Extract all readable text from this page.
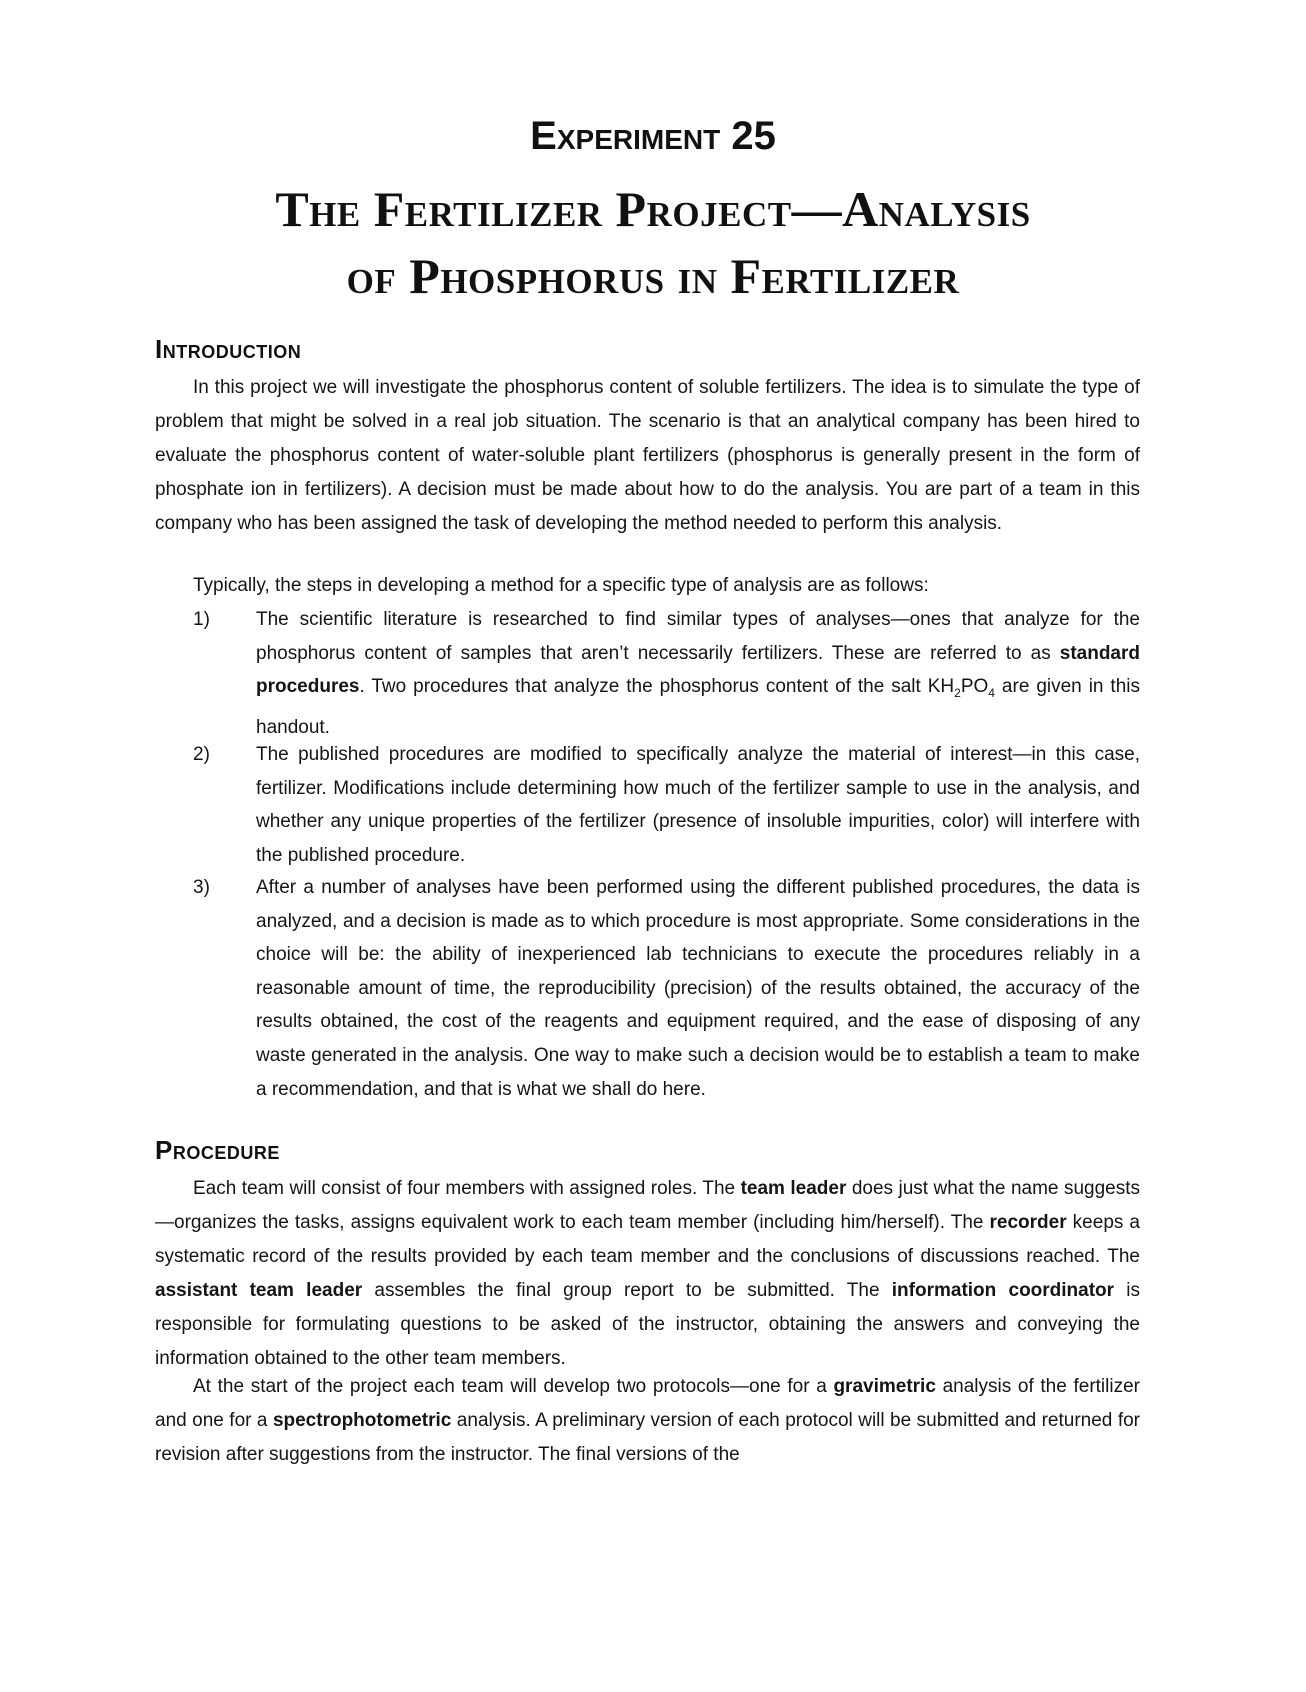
Experiment 25
The Fertilizer Project—Analysis
of Phosphorus in Fertilizer
Introduction

In this project we will investigate the phosphorus content of soluble fertilizers. The idea is to simulate the type of problem that might be solved in a real job situation. The scenario is that an analytical company has been hired to evaluate the phosphorus content of water-soluble plant fertilizers (phosphorus is generally present in the form of phosphate ion in fertilizers). A decision must be made about how to do the analysis. You are part of a team in this company who has been assigned the task of developing the method needed to perform this analysis.

Typically, the steps in developing a method for a specific type of analysis are as follows:

1) The scientific literature is researched to find similar types of analyses—ones that analyze for the phosphorus content of samples that aren’t necessarily fertilizers. These are referred to as standard procedures. Two procedures that analyze the phosphorus content of the salt $KH_2PO_4$ are given in this handout.
2) The published procedures are modified to specifically analyze the material of interest—in this case, fertilizer. Modifications include determining how much of the fertilizer sample to use in the analysis, and whether any unique properties of the fertilizer (presence of insoluble impurities, color) will interfere with the published procedure.
3) After a number of analyses have been performed using the different published procedures, the data is analyzed, and a decision is made as to which procedure is most appropriate. Some considerations in the choice will be: the ability of inexperienced lab technicians to execute the procedures reliably in a reasonable amount of time, the reproducibility (precision) of the results obtained, the accuracy of the results obtained, the cost of the reagents and equipment required, and the ease of disposing of any waste generated in the analysis. One way to make such a decision would be to establish a team to make a recommendation, and that is what we shall do here.
Procedure

Each team will consist of four members with assigned roles. The team leader does just what the name suggests—organizes the tasks, assigns equivalent work to each team member (including him/herself). The recorder keeps a systematic record of the results provided by each team member and the conclusions of discussions reached. The assistant team leader assembles the final group report to be submitted. The information coordinator is responsible for formulating questions to be asked of the instructor, obtaining the answers and conveying the information obtained to the other team members.

At the start of the project each team will develop two protocols—one for a gravimetric analysis of the fertilizer and one for a spectrophotometric analysis. A preliminary version of each protocol will be submitted and returned for revision after suggestions from the instructor. The final versions of the
